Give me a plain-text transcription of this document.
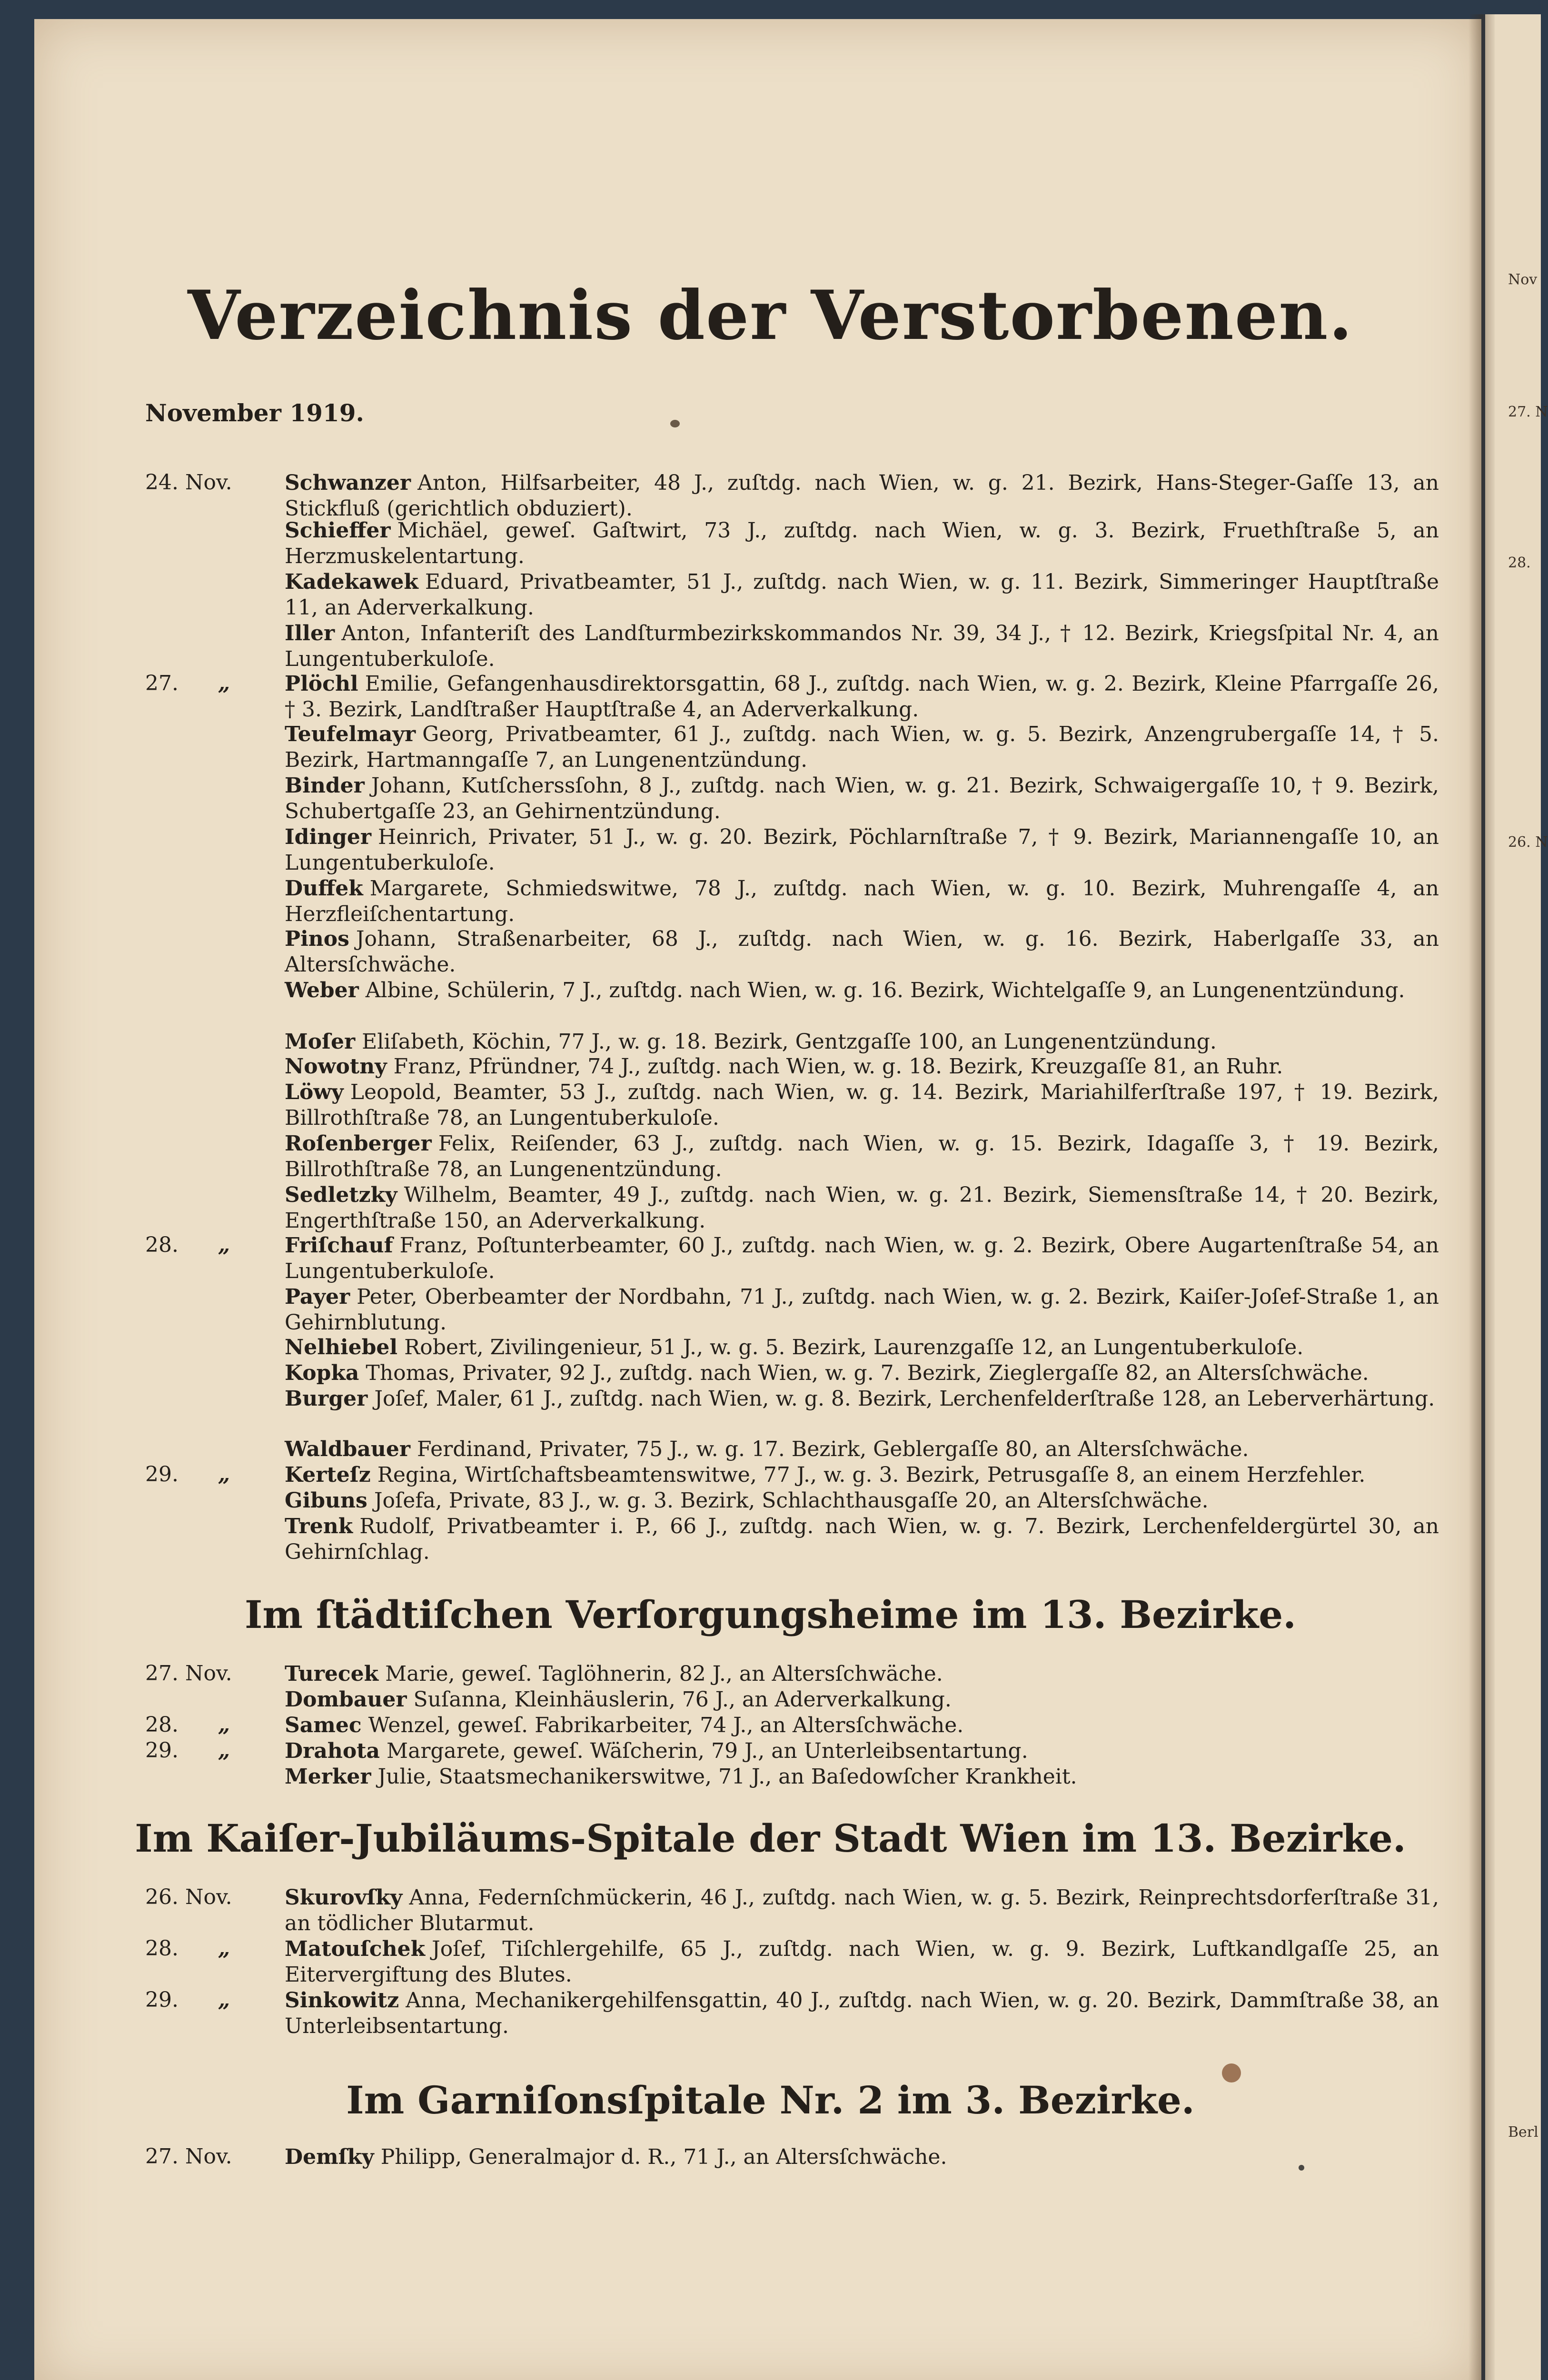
Nov
27. N
28.
26. N
Berl
Verzeichnis der Verstorbenen.
November 1919.
24. Nov.	Schwanzer Anton, Hilfsarbeiter, 48 J., zuſtdg. nach Wien, w. g. 21. Bezirk, Hans-Steger-Gaſſe 13, an Stickfluß (gerichtlich obduziert).
Schieffer Michäel, geweſ. Gaſtwirt, 73 J., zuſtdg. nach Wien, w. g. 3. Bezirk, Fruethſtraße 5, an Herzmuskelentartung.
Kadekawek Eduard, Privatbeamter, 51 J., zuſtdg. nach Wien, w. g. 11. Bezirk, Simmeringer Hauptſtraße 11, an Aderverkalkung.
Iller Anton, Infanteriſt des Landſturmbezirkskommandos Nr. 39, 34 J., † 12. Bezirk, Kriegsſpital Nr. 4, an Lungentuberkuloſe.
27. „	Plöchl Emilie, Gefangenhausdirektorsgattin, 68 J., zuſtdg. nach Wien, w. g. 2. Bezirk, Kleine Pfarrgaſſe 26, † 3. Bezirk, Landſtraßer Hauptſtraße 4, an Aderverkalkung.
Teufelmayr Georg, Privatbeamter, 61 J., zuſtdg. nach Wien, w. g. 5. Bezirk, Anzengrubergaſſe 14, † 5. Bezirk, Hartmanngaſſe 7, an Lungenentzündung.
Binder Johann, Kutſcherssſohn, 8 J., zuſtdg. nach Wien, w. g. 21. Bezirk, Schwaigergaſſe 10, † 9. Bezirk, Schubertgaſſe 23, an Gehirnentzündung.
Idinger Heinrich, Privater, 51 J., w. g. 20. Bezirk, Pöchlarnſtraße 7, † 9. Bezirk, Mariannengaſſe 10, an Lungentuberkuloſe.
Duffek Margarete, Schmiedswitwe, 78 J., zuſtdg. nach Wien, w. g. 10. Bezirk, Muhrengaſſe 4, an Herzfleiſchentartung.
Pinos Johann, Straßenarbeiter, 68 J., zuſtdg. nach Wien, w. g. 16. Bezirk, Haberlgaſſe 33, an Altersſchwäche.
Weber Albine, Schülerin, 7 J., zuſtdg. nach Wien, w. g. 16. Bezirk, Wichtelgaſſe 9, an Lungenentzündung.
Moſer Eliſabeth, Köchin, 77 J., w. g. 18. Bezirk, Gentzgaſſe 100, an Lungenentzündung.
Nowotny Franz, Pfründner, 74 J., zuſtdg. nach Wien, w. g. 18. Bezirk, Kreuzgaſſe 81, an Ruhr.
Löwy Leopold, Beamter, 53 J., zuſtdg. nach Wien, w. g. 14. Bezirk, Mariahilferſtraße 197, † 19. Bezirk, Billrothſtraße 78, an Lungentuberkuloſe.
Roſenberger Felix, Reiſender, 63 J., zuſtdg. nach Wien, w. g. 15. Bezirk, Idagaſſe 3, † 19. Bezirk, Billrothſtraße 78, an Lungenentzündung.
Sedletzky Wilhelm, Beamter, 49 J., zuſtdg. nach Wien, w. g. 21. Bezirk, Siemensſtraße 14, † 20. Bezirk, Engerthſtraße 150, an Aderverkalkung.
28. „	Friſchauf Franz, Poſtunterbeamter, 60 J., zuſtdg. nach Wien, w. g. 2. Bezirk, Obere Augartenſtraße 54, an Lungentuberkuloſe.
Payer Peter, Oberbeamter der Nordbahn, 71 J., zuſtdg. nach Wien, w. g. 2. Bezirk, Kaiſer-Joſef-Straße 1, an Gehirnblutung.
Nelhiebel Robert, Zivilingenieur, 51 J., w. g. 5. Bezirk, Laurenzgaſſe 12, an Lungentuberkuloſe.
Kopka Thomas, Privater, 92 J., zuſtdg. nach Wien, w. g. 7. Bezirk, Zieglergaſſe 82, an Altersſchwäche.
Burger Joſef, Maler, 61 J., zuſtdg. nach Wien, w. g. 8. Bezirk, Lerchenfelderſtraße 128, an Leberverhärtung.
Waldbauer Ferdinand, Privater, 75 J., w. g. 17. Bezirk, Geblergaſſe 80, an Altersſchwäche.
29. „	Kerteſz Regina, Wirtſchaftsbeamtenswitwe, 77 J., w. g. 3. Bezirk, Petrusgaſſe 8, an einem Herzfehler.
Gibuns Joſefa, Private, 83 J., w. g. 3. Bezirk, Schlachthausgaſſe 20, an Altersſchwäche.
Trenk Rudolf, Privatbeamter i. P., 66 J., zuſtdg. nach Wien, w. g. 7. Bezirk, Lerchenfeldergürtel 30, an Gehirnſchlag.
Im ſtädtiſchen Verſorgungsheime im 13. Bezirke.
27. Nov.	Turecek Marie, geweſ. Taglöhnerin, 82 J., an Altersſchwäche.
Dombauer Suſanna, Kleinhäuslerin, 76 J., an Aderverkalkung.
28. „	Samec Wenzel, geweſ. Fabrikarbeiter, 74 J., an Altersſchwäche.
29. „	Drahota Margarete, geweſ. Wäſcherin, 79 J., an Unterleibsentartung.
Merker Julie, Staatsmechanikerswitwe, 71 J., an Baſedowſcher Krankheit.
Im Kaiſer-Jubiläums-Spitale der Stadt Wien im 13. Bezirke.
26. Nov.	Skurovſky Anna, Federnſchmückerin, 46 J., zuſtdg. nach Wien, w. g. 5. Bezirk, Reinprechtsdorferſtraße 31, an tödlicher Blutarmut.
28. „	Matouſchek Joſef, Tiſchlergehilfe, 65 J., zuſtdg. nach Wien, w. g. 9. Bezirk, Luftkandlgaſſe 25, an Eitervergiftung des Blutes.
29. „	Sinkowitz Anna, Mechanikergehilfensgattin, 40 J., zuſtdg. nach Wien, w. g. 20. Bezirk, Dammſtraße 38, an Unterleibsentartung.
Im Garniſonsſpitale Nr. 2 im 3. Bezirke.
27. Nov.	Demſky Philipp, Generalmajor d. R., 71 J., an Altersſchwäche.
